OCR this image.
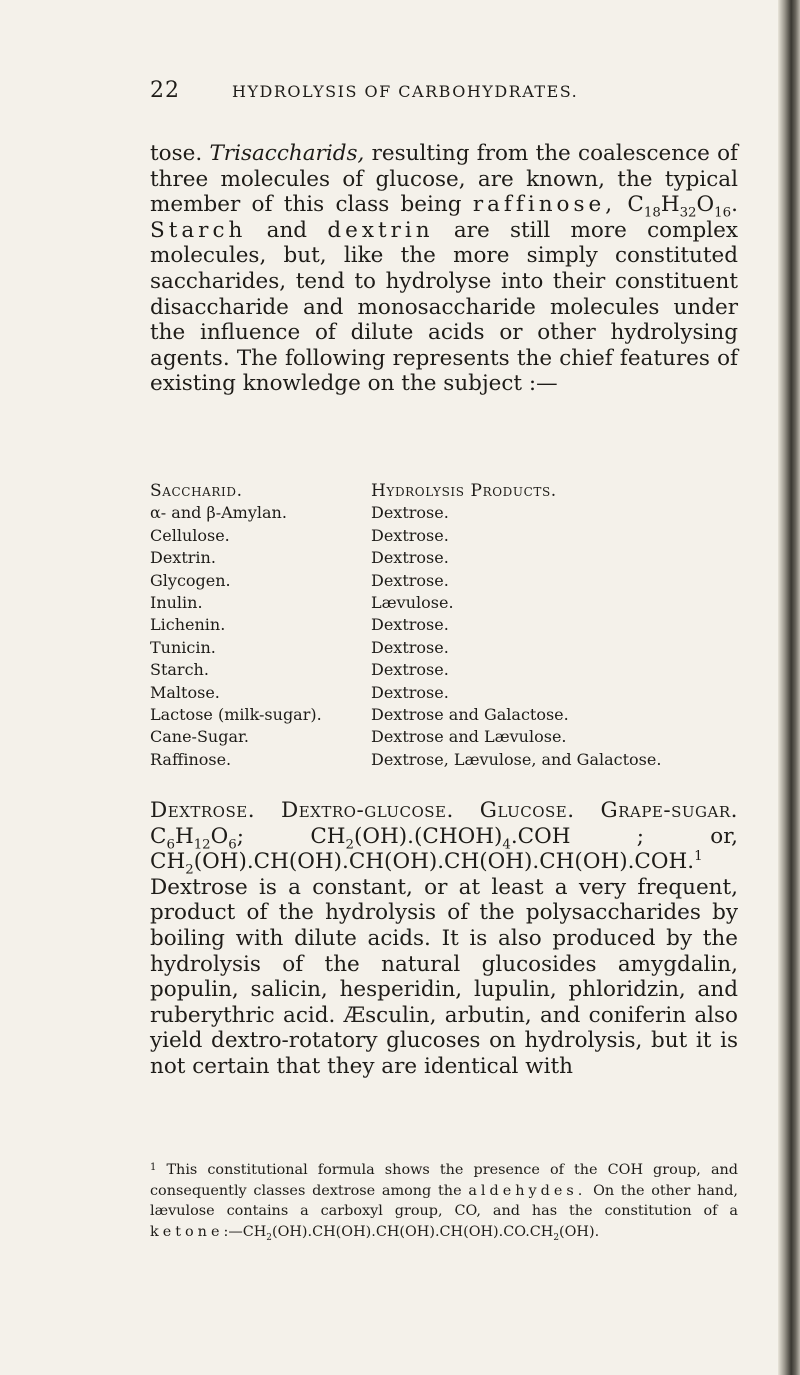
22	HYDROLYSIS OF CARBOHYDRATES.

tose. Trisaccharids, resulting from the coalescence of three molecules of glucose, are known, the typical member of this class being raffinose, $C_{18}H_{32}O_{16}$. Starch and dextrin are still more complex molecules, but, like the more simply constituted saccharides, tend to hydrolyse into their constituent disaccharide and monosaccharide molecules under the influence of dilute acids or other hydrolysing agents. The following represents the chief features of existing knowledge on the subject :—

Saccharid.	Hydrolysis Products.
α- and β-Amylan.	Dextrose.
Cellulose.	Dextrose.
Dextrin.	Dextrose.
Glycogen.	Dextrose.
Inulin.	Lævulose.
Lichenin.	Dextrose.
Tunicin.	Dextrose.
Starch.	Dextrose.
Maltose.	Dextrose.
Lactose (milk-sugar).	Dextrose and Galactose.
Cane-Sugar.	Dextrose and Lævulose.
Raffinose.	Dextrose, Lævulose, and Galactose.

Dextrose. Dextro-glucose. Glucose. Grape-sugar. $C_6H_{12}O_6$;	$CH_2(OH).(CHOH)_4.COH$ ; or, $CH_2(OH).CH(OH).CH(OH).CH(OH).CH(OH).COH.^1$ Dextrose is a constant, or at least a very frequent, product of the hydrolysis of the polysaccharides by boiling with dilute acids. It is also produced by the hydrolysis of the natural glucosides amygdalin, populin, salicin, hesperidin, lupulin, phloridzin, and ruberythric acid. Æsculin, arbutin, and coniferin also yield dextro-rotatory glucoses on hydrolysis, but it is not certain that they are identical with

$^1$ This constitutional formula shows the presence of the COH group, and consequently classes dextrose among the aldehydes. On the other hand, lævulose contains a carboxyl group, CO, and has the constitution of a $ketone:—CH_2(OH).CH(OH).CH(OH).CH(OH).CO.CH_2(OH)$.
